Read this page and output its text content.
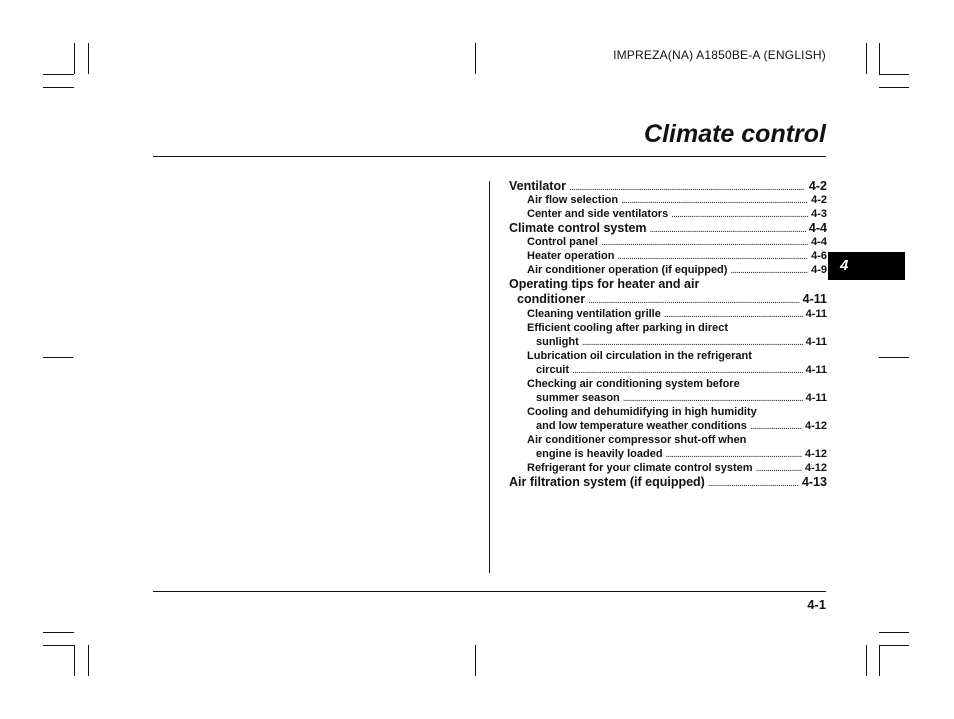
IMPREZA(NA) A1850BE-A (ENGLISH)
Climate control
4
Ventilator . . .	4-2
Air flow selection . . .	4-2
Center and side ventilators . . .	4-3
Climate control system . . .	4-4
Control panel . . .	4-4
Heater operation . . .	4-6
Air conditioner operation (if equipped) . . .	4-9
Operating tips for heater and air
conditioner . . .	4-11
Cleaning ventilation grille . . .	4-11
Efficient cooling after parking in direct
sunlight . . .	4-11
Lubrication oil circulation in the refrigerant
circuit . . .	4-11
Checking air conditioning system before
summer season . . .	4-11
Cooling and dehumidifying in high humidity
and low temperature weather conditions . . .	4-12
Air conditioner compressor shut-off when
engine is heavily loaded . . .	4-12
Refrigerant for your climate control system . . .	4-12
Air filtration system (if equipped) . . .	4-13
4-1
